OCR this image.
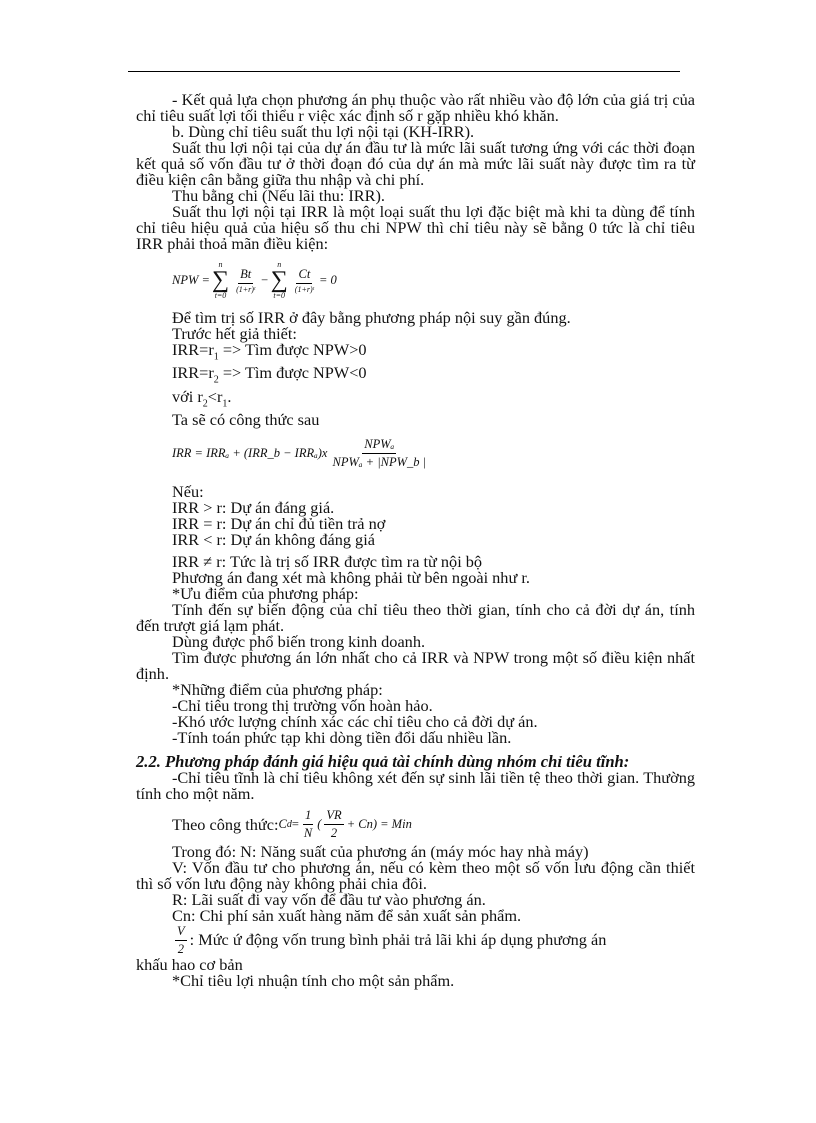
- Kết quả lựa chọn phương án phụ thuộc vào rất nhiều vào độ lớn của giá trị của chỉ tiêu suất lợi tối thiểu r việc xác định số r gặp nhiều khó khăn.

b. Dùng chỉ tiêu suất thu lợi nội tại (KH-IRR).

Suất thu lợi nội tại của dự án đầu tư là mức lãi suất tương ứng với các thời đoạn kết quả số vốn đầu tư ở thời đoạn đó của dự án mà mức lãi suất này được tìm ra từ điều kiện cân bằng giữa thu nhập và chi phí.

Thu bằng chi (Nếu lãi thu: IRR).

Suất thu lợi nội tại IRR là một loại suất thu lợi đặc biệt mà khi ta dùng để tính chỉ tiêu hiệu quả của hiệu số thu chi NPW thì chỉ tiêu này sẽ bằng 0 tức là chỉ tiêu IRR phải thoả mãn điều kiện:

NPW =
n
∑
t=0
$\frac{Bt}{\text{(1+r)ᵗ}}$ −
n
∑
t=0
$\frac{Ct}{\text{(1+r)ᵗ}} = 0$

Để tìm trị số IRR ở đây bằng phương pháp nội suy gần đúng.

Trước hết giả thiết:

$IRR=r_1$ => Tìm được NPW>0

$IRR=r_2$ => Tìm được NPW<0

với $r_2<r_1$.

Ta sẽ có công thức sau

IRR = IRRₐ + (IRR_b − $IRR_a)x \frac{\text{NPWₐ}}{\text{NPWₐ + |NPW\_b |}}$

Nếu:

IRR > r: Dự án đáng giá.

IRR = r: Dự án chỉ đủ tiền trả nợ

IRR < r: Dự án không đáng giá

IRR ≠ r: Tức là trị số IRR được tìm ra từ nội bộ

Phương án đang xét mà không phải từ bên ngoài như r.

*Ưu điểm của phương pháp:

Tính đến sự biến động của chỉ tiêu theo thời gian, tính cho cả đời dự án, tính đến trượt giá lạm phát.

Dùng được phổ biến trong kinh doanh.

Tìm được phương án lớn nhất cho cả IRR và NPW trong một số điều kiện nhất định.

*Những điểm của phương pháp:

-Chỉ tiêu trong thị trường vốn hoàn hảo.

-Khó ước lượng chính xác các chỉ tiêu cho cả đời dự án.

-Tính toán phức tạp khi dòng tiền đổi dấu nhiều lần.

2.2. Phương pháp đánh giá hiệu quả tài chính dùng nhóm chỉ tiêu tĩnh:

-Chỉ tiêu tĩnh là chỉ tiêu không xét đến sự sinh lãi tiền tệ theo thời gian. Thường tính cho một năm.

Theo công thức: C $d = \frac{1}{N}$ ( $\frac{VR}{2} + Cn$) = Min

Trong đó: N: Năng suất của phương án (máy móc hay nhà máy)

V: Vốn đầu tư cho phương án, nếu có kèm theo một số vốn lưu động cần thiết thì số vốn lưu động này không phải chia đôi.

R: Lãi suất đi vay vốn để đầu tư vào phương án.

Cn: Chi phí sản xuất hàng năm để sản xuất sản phẩm.

$\frac{V}{2}$ : Mức ứ động vốn trung bình phải trả lãi khi áp dụng phương án

khấu hao cơ bản

*Chỉ tiêu lợi nhuận tính cho một sản phẩm.
